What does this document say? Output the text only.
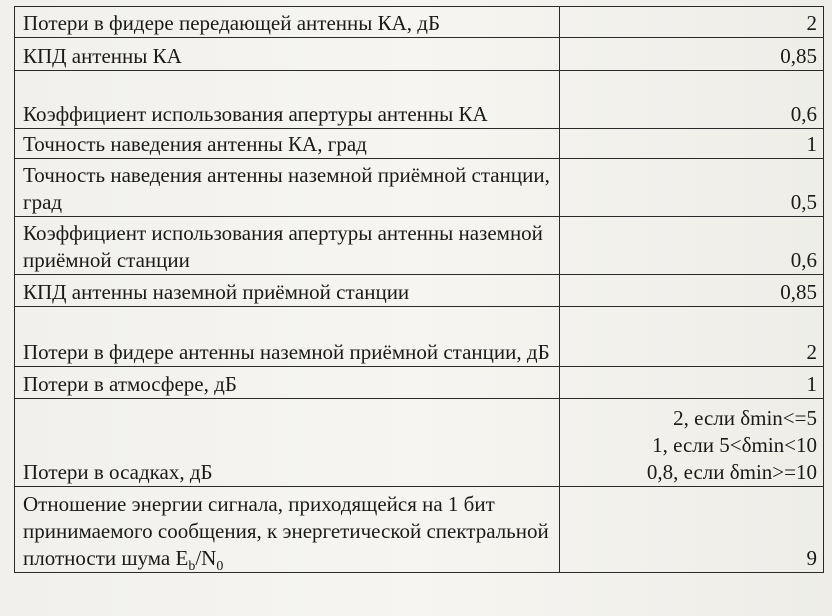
Потери в фидере передающей антенны КА, дБ	2
КПД антенны КА	0,85
Коэффициент использования апертуры антенны КА	0,6
Точность наведения антенны КА, град	1
Точность наведения антенны наземной приёмной станции, град	0,5
Коэффициент использования апертуры антенны наземной приёмной станции	0,6
КПД антенны наземной приёмной станции	0,85
Потери в фидере антенны наземной приёмной станции, дБ	2
Потери в атмосфере, дБ	1
Потери в осадках, дБ	2, если δmin<=5
1, если 5<δmin<10
0,8, если δmin>=10

Отношение энергии сигнала, приходящейся на 1 бит принимаемого сообщения, к энергетической спектральной плотности шума $E_b/N_0$	9
